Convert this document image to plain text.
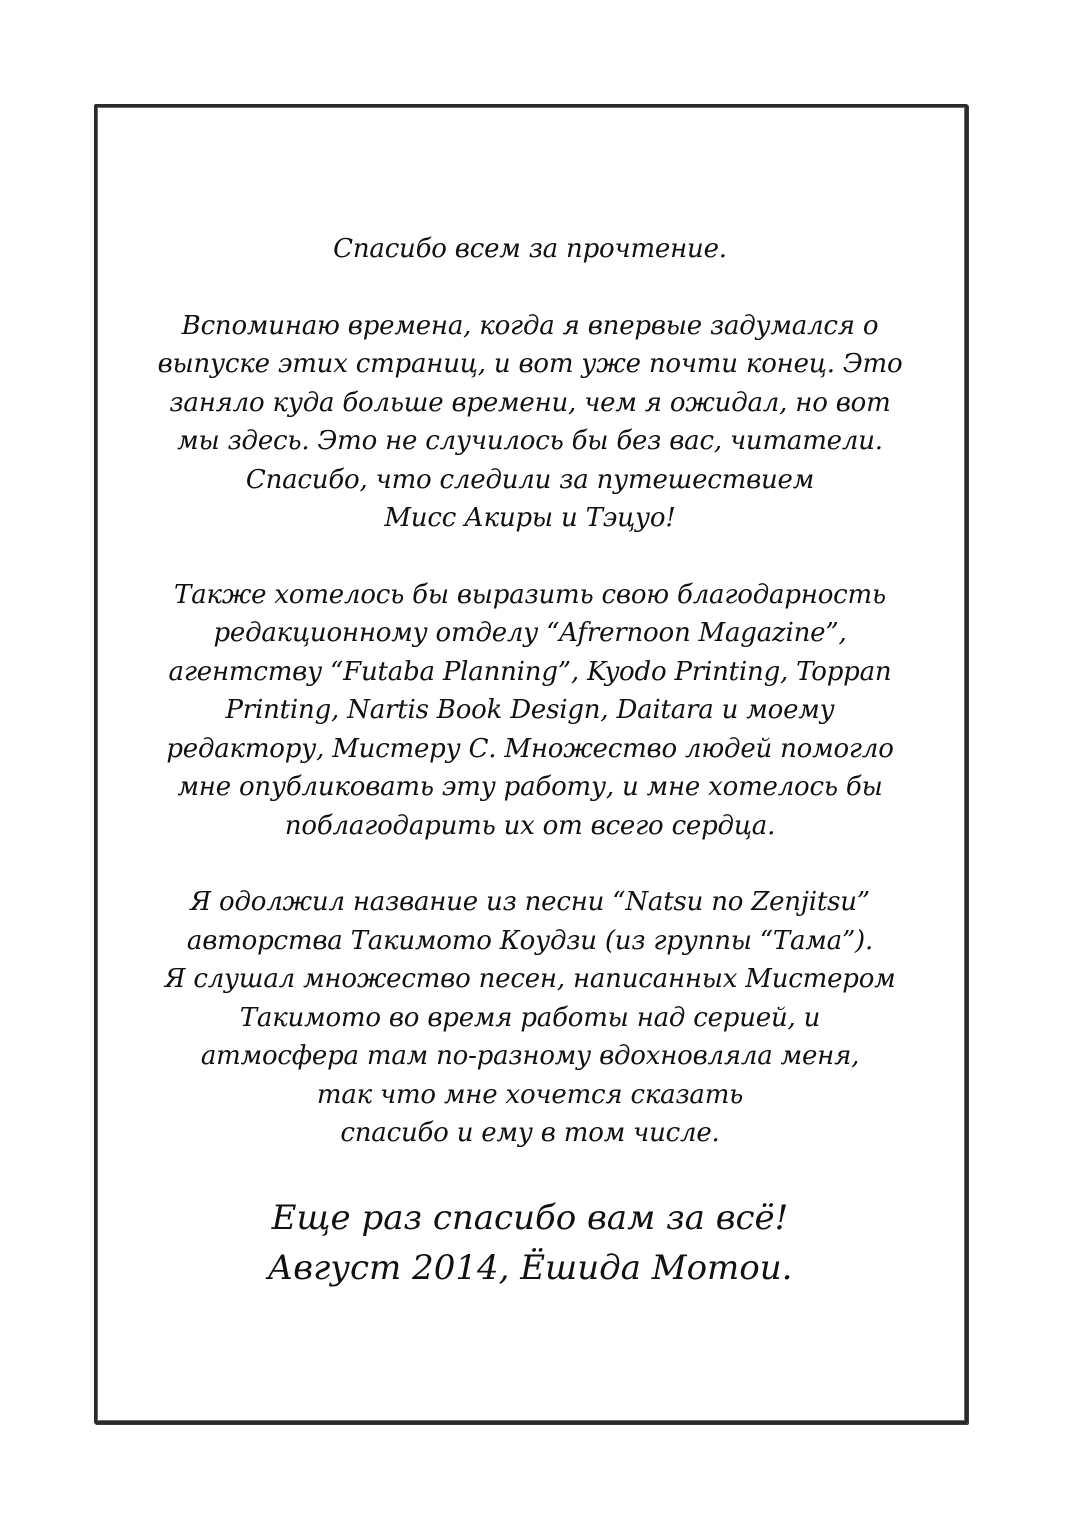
Спасибо всем за прочтение.

Вспоминаю времена, когда я впервые задумался о
выпуске этих страниц, и вот уже почти конец. Это
заняло куда больше времени, чем я ожидал, но вот
мы здесь. Это не случилось бы без вас, читатели.
Спасибо, что следили за путешествием
Мисс Акиры и Тэцуо!

Также хотелось бы выразить свою благодарность
редакционному отделу “Afrernoon Magazine”,
агентству “Futaba Planning”, Kyodo Printing, Toppan
Printing, Nartis Book Design, Daitara и моему
редактору, Мистеру С. Множество людей помогло
мне опубликовать эту работу, и мне хотелось бы
поблагодарить их от всего сердца.

Я одолжил название из песни “Natsu no Zenjitsu”
авторства Такимото Коудзи (из группы “Тама”).
Я слушал множество песен, написанных Мистером
Такимото во время работы над серией, и
атмосфера там по-разному вдохновляла меня,
так что мне хочется сказать
спасибо и ему в том числе.

Еще раз спасибо вам за всё!
Август 2014, Ёшида Мотои.
